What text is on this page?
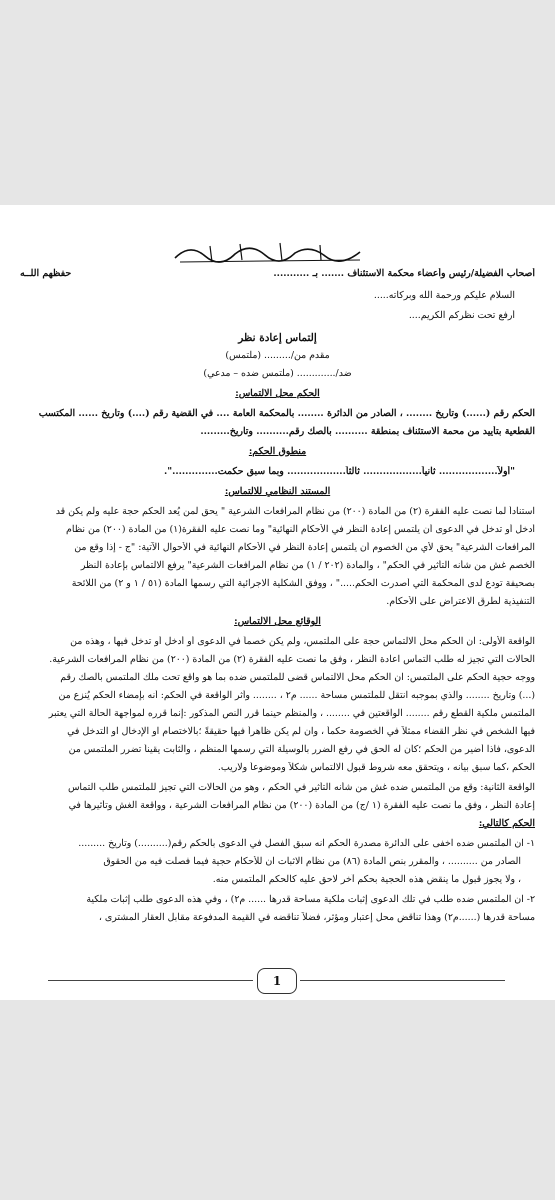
أصحاب الفضيلة/رئيس وأعضاء محكمة الاستئناف ....... بـ ...........
حفظهم اللــه
السلام عليكم ورحمة الله وبركاته.....
أرفع تحت نظركم الكريم....
إلتماس إعادة نظر
مقدم من/......... (ملتمس)
ضد/............. (ملتمس ضده – مدعي)
الحكم محل الالتماس:
الحكم رقم (......) وتاريخ ........ ، الصادر من الدائرة ........ بالمحكمة العامة .... في القضية رقم (....) وتاريخ ...... المكتسب
القطعية بتأييد من محمة الاستئناف بمنطقة .......... بالصك رقم.......... وتاريخ.........
منطوق الحكم:
"أولاً.................. ثانياً.................. ثالثاً.................. وبما سبق حكمت..............".
المستند النظامي للالتماس:
استناداً لما نصت عليه الفقرة (٢) من المادة (٢٠٠) من نظام المرافعات الشرعية " يحق لمن يُعد الحكم حجة عليه ولم يكن قد
أدخل أو تدخل في الدعوى أن يلتمس إعادة النظر في الأحكام النهائية" وما نصت عليه الفقرة(١) من المادة (٢٠٠) من نظام
المرافعات الشرعية" يحق لأي من الخصوم أن يلتمس إعادة النظر في الأحكام النهائية في الأحوال الآتية: "ج - إذا وقع من
الخصم غش من شأنه التأثير في الحكم" ، والمادة (٢٠٢ / ١) من نظام المرافعات الشرعية" يرفع الالتماس بإعادة النظر
بصحيفة تودع لدى المحكمة التي أصدرت الحكم....." ، ووفق الشكلية الاجرائية التي رسمها المادة (٥١ / ١ و ٢) من اللائحة
التنفيذية لطرق الاعتراض على الأحكام.
الوقائع محل الالتماس:
الواقعة الأولى: ان الحكم محل الالتماس حجة على الملتمس، ولم يكن خصماً في الدعوى أو أدخل أو تدخل فيها ، وهذه من
الحالات التي تجيز له طلب التماس اعادة النظر ، وفق ما نصت عليه الفقرة (٢) من المادة (٢٠٠) من نظام المرافعات الشرعية.
ووجه حجية الحكم على الملتمس: ان الحكم محل الالتماس قضى للملتمس ضده بما هو واقع تحت ملك الملتمس بالصك رقم
(...) وتاريخ ........ والذي بموجبه انتقل للملتمس مساحة ...... م٢ ، ........ وأثر الواقعة في الحكم: أنه بإمضاء الحكم يُنزع من
الملتمس ملكية القطع رقم ........ الواقعتين في ........ ، والمنظم حينما قرر النص المذكور :إنما قرره لمواجهة الحالة التي يعتبر
فيها الشخص في نظر القضاء ممثلاً في الخصومة حكماً ، وان لم يكن ظاهراً فيها حقيقةً ؛بالاختصام او الإدخال او التدخل في
الدعوى، فاذا أضير من الحكم ؛كان له الحق في رفع الضرر بالوسيلة التي رسمها المنظم ، والثابت يقيناً تضرر الملتمس من
الحكم ،كما سبق بيانه ، ويتحقق معه شروط قبول الالتماس شكلاً وموضوعاً ولاريب.
الواقعة الثانية: وقع من الملتمس ضده غش من شأنه التأثير في الحكم ، وهو من الحالات التي تجيز للملتمس طلب التماس
إعادة النظر ، وفق ما نصت عليه الفقرة (١ /ج) من المادة (٢٠٠) من نظام المرافعات الشرعية ، وواقعة الغش وتأثيرها في
الحكم كالتالي:
١- ان الملتمس ضده اخفى على الدائرة مصدرة الحكم انه سبق الفصل في الدعوى بالحكم رقم(..........) وتاريخ .........
الصادر من .......... ، والمقرر بنص المادة (٨٦) من نظام الاثبات ان للأحكام حجية فيما فصلت فيه من الحقوق
، ولا يجوز قبول ما ينقض هذه الحجية بحكم آخر لاحق عليه كالحكم الملتمس منه.
٢- ان الملتمس ضده طلب في تلك الدعوى إثبات ملكية مساحة قدرها ...... م٢) ، وفي هذه الدعوى طلب إثبات ملكية
مساحة قدرها (......م٢) وهذا تناقض محل إعتبار ومؤثر، فضلاً تناقضه في القيمة المدفوعة مقابل العقار المشترى ،
1
